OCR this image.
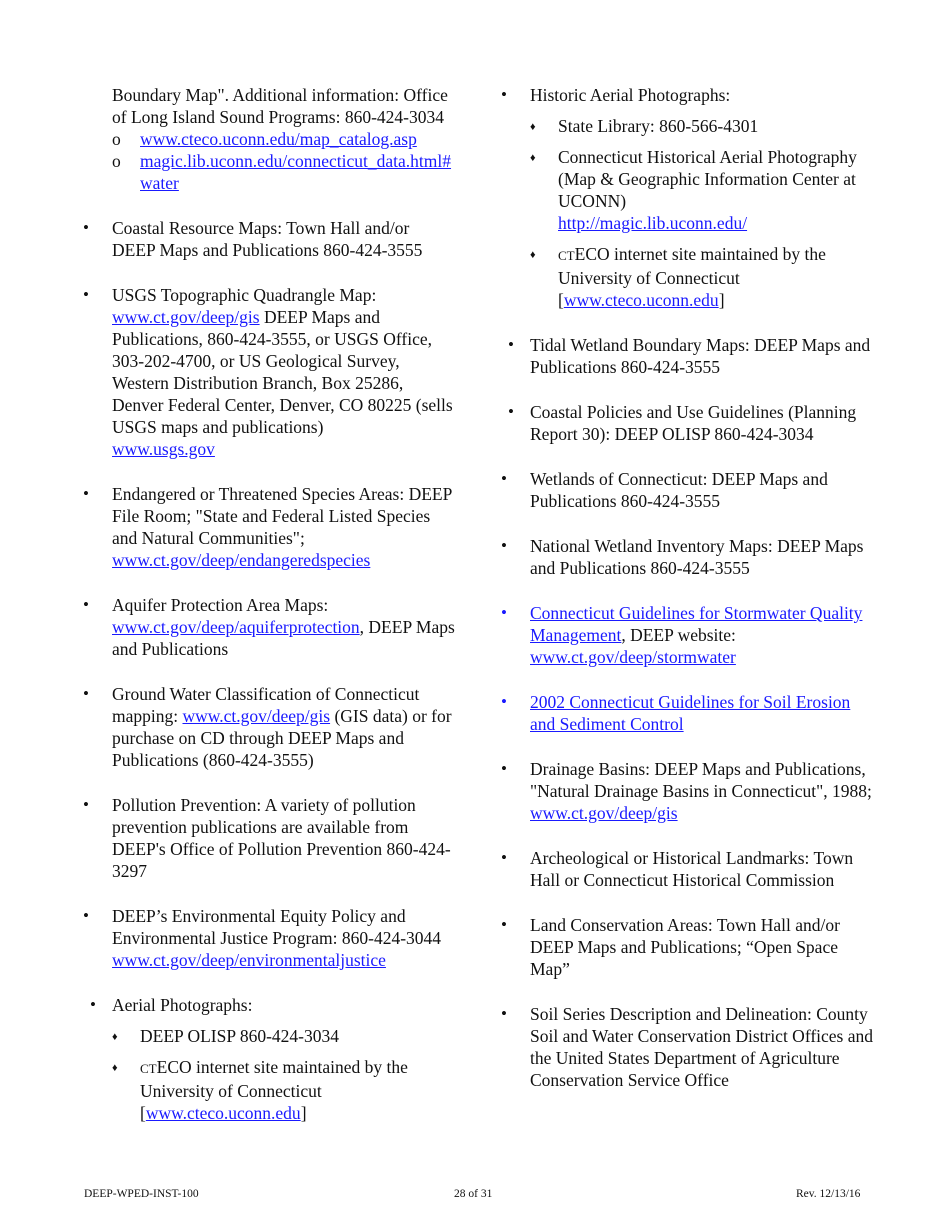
Boundary Map". Additional information: Office of Long Island Sound Programs: 860-424-3034
o www.cteco.uconn.edu/map_catalog.asp
o magic.lib.uconn.edu/connecticut_data.html#water
• Coastal Resource Maps: Town Hall and/or DEEP Maps and Publications 860-424-3555
• USGS Topographic Quadrangle Map:
www.ct.gov/deep/gis DEEP Maps and Publications, 860-424-3555, or USGS Office, 303-202-4700, or US Geological Survey, Western Distribution Branch, Box 25286, Denver Federal Center, Denver, CO 80225 (sells USGS maps and publications)
www.usgs.gov
• Endangered or Threatened Species Areas: DEEP File Room; "State and Federal Listed Species and Natural Communities";
www.ct.gov/deep/endangeredspecies
• Aquifer Protection Area Maps:
www.ct.gov/deep/aquiferprotection, DEEP Maps and Publications
• Ground Water Classification of Connecticut mapping: www.ct.gov/deep/gis (GIS data) or for purchase on CD through DEEP Maps and Publications (860-424-3555)
• Pollution Prevention: A variety of pollution prevention publications are available from DEEP's Office of Pollution Prevention 860-424-3297
• DEEP’s Environmental Equity Policy and Environmental Justice Program: 860-424-3044 www.ct.gov/deep/environmentaljustice
• Aerial Photographs:
♦ DEEP OLISP 860-424-3034
♦ CTECO internet site maintained by the University of Connecticut [www.cteco.uconn.edu]
• Historic Aerial Photographs:
♦ State Library: 860-566-4301
♦ Connecticut Historical Aerial Photography (Map & Geographic Information Center at UCONN)
http://magic.lib.uconn.edu/
♦ CTECO internet site maintained by the University of Connecticut [www.cteco.uconn.edu]
• Tidal Wetland Boundary Maps: DEEP Maps and Publications 860-424-3555
• Coastal Policies and Use Guidelines (Planning Report 30): DEEP OLISP 860-424-3034
• Wetlands of Connecticut: DEEP Maps and Publications 860-424-3555
• National Wetland Inventory Maps: DEEP Maps and Publications 860-424-3555
• Connecticut Guidelines for Stormwater Quality Management, DEEP website:
www.ct.gov/deep/stormwater
• 2002 Connecticut Guidelines for Soil Erosion and Sediment Control
• Drainage Basins: DEEP Maps and Publications, "Natural Drainage Basins in Connecticut", 1988; www.ct.gov/deep/gis
• Archeological or Historical Landmarks: Town Hall or Connecticut Historical Commission
• Land Conservation Areas: Town Hall and/or DEEP Maps and Publications; “Open Space Map”
• Soil Series Description and Delineation: County Soil and Water Conservation District Offices and the United States Department of Agriculture Conservation Service Office
DEEP-WPED-INST-100	28 of 31	Rev. 12/13/16
